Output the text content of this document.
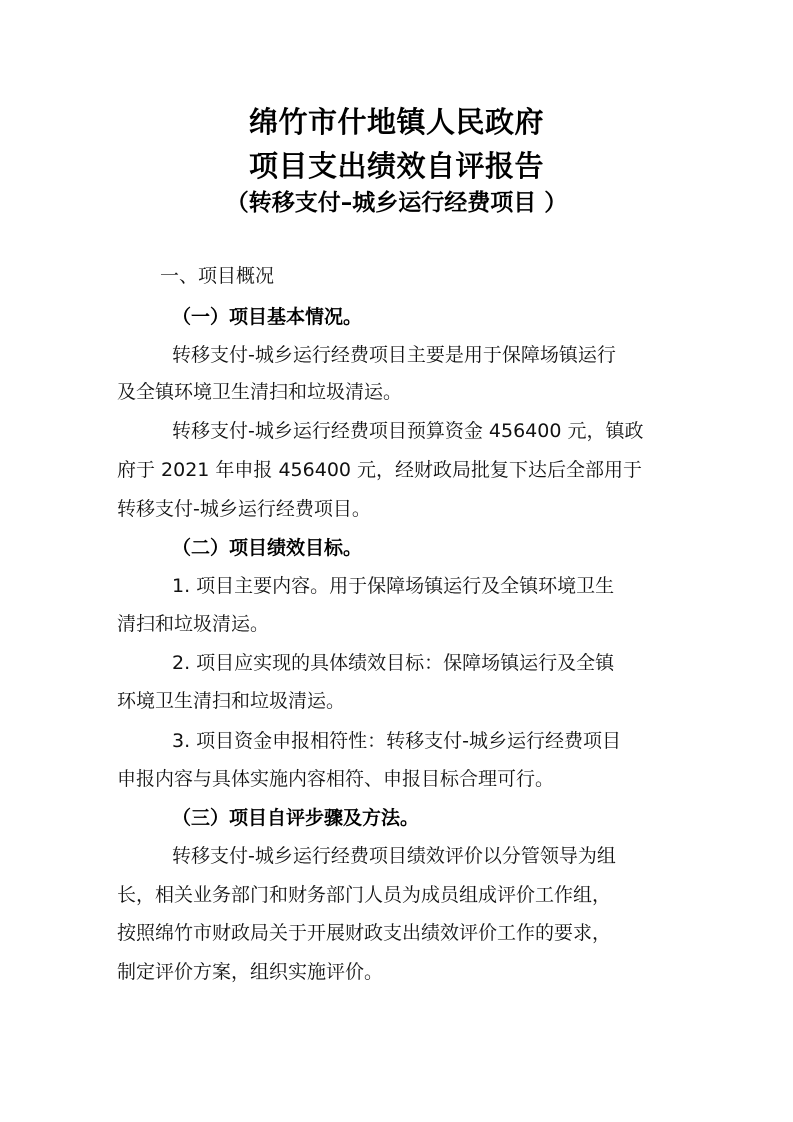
绵竹市什地镇人民政府
项目支出绩效自评报告
（转移支付–城乡运行经费项目 ）
一、项目概况
（一）项目基本情况。
转移支付-城乡运行经费项目主要是用于保障场镇运行
及全镇环境卫生清扫和垃圾清运。
转移支付-城乡运行经费项目预算资金 456400 元，镇政
府于 2021 年申报 456400 元，经财政局批复下达后全部用于
转移支付-城乡运行经费项目。
（二）项目绩效目标。
1. 项目主要内容。用于保障场镇运行及全镇环境卫生
清扫和垃圾清运。
2. 项目应实现的具体绩效目标：保障场镇运行及全镇
环境卫生清扫和垃圾清运。
3. 项目资金申报相符性：转移支付-城乡运行经费项目
申报内容与具体实施内容相符、申报目标合理可行。
（三）项目自评步骤及方法。
转移支付-城乡运行经费项目绩效评价以分管领导为组
长，相关业务部门和财务部门人员为成员组成评价工作组，
按照绵竹市财政局关于开展财政支出绩效评价工作的要求，
制定评价方案，组织实施评价。
